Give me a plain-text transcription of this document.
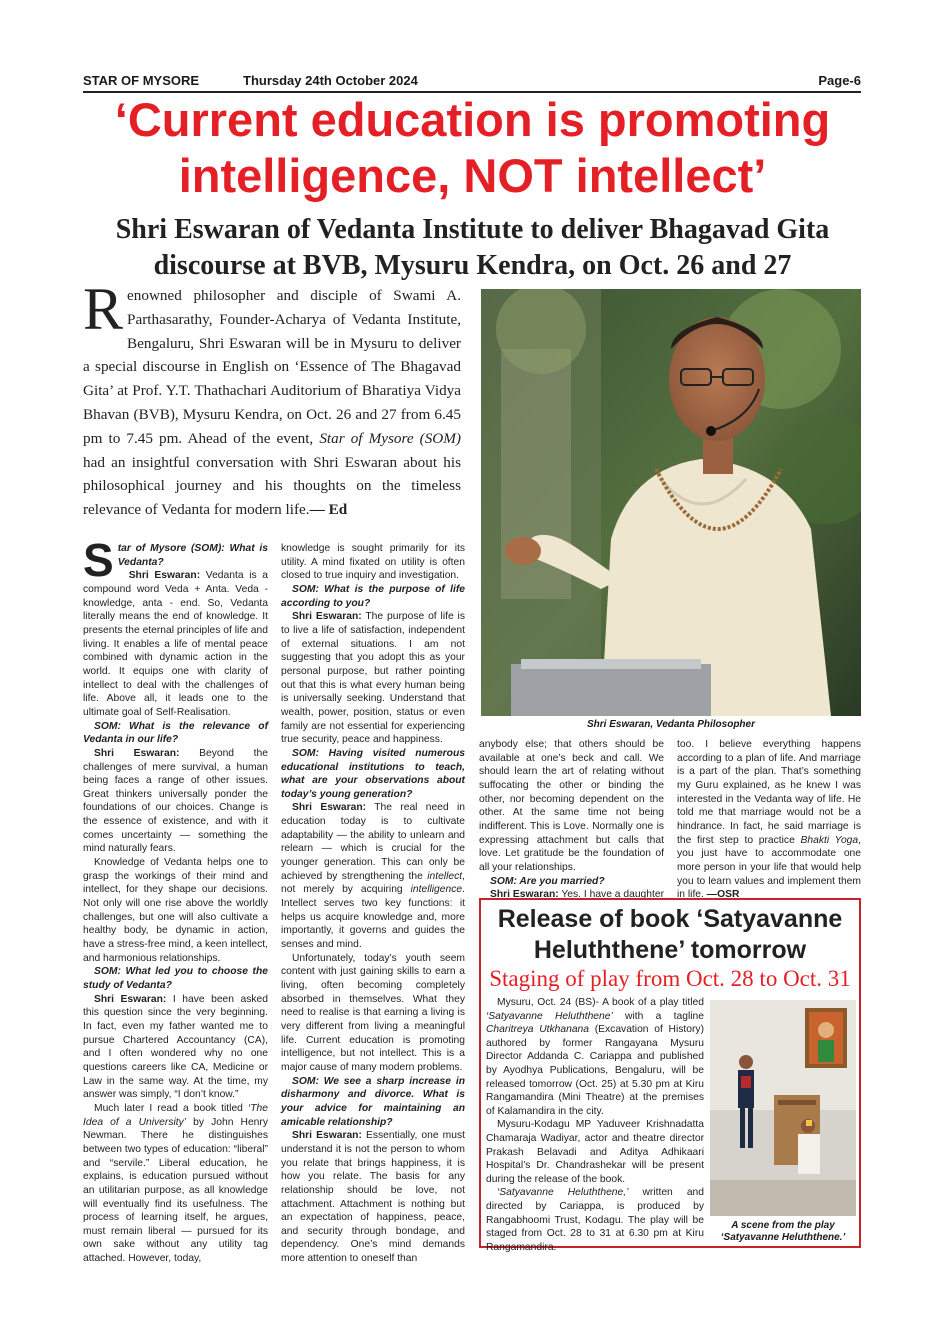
STAR OF MYSORE	Thursday 24th October 2024	Page-6
‘Current education is promoting intelligence, NOT intellect’
Shri Eswaran of Vedanta Institute to deliver Bhagavad Gita discourse at BVB, Mysuru Kendra, on Oct. 26 and 27

Renowned philosopher and disciple of Swami A. Parthasarathy, Founder-Acharya of Vedanta Institute, Bengaluru, Shri Eswaran will be in Mysuru to deliver a special discourse in English on ‘Essence of The Bhagavad Gita’ at Prof. Y.T. Thathachari Auditorium of Bharatiya Vidya Bhavan (BVB), Mysuru Kendra, on Oct. 26 and 27 from 6.45 pm to 7.45 pm. Ahead of the event, Star of Mysore (SOM) had an insightful conversation with Shri Eswaran about his philosophical journey and his thoughts on the timeless relevance of Vedanta for modern life.— Ed

Shri Eswaran, Vedanta Philosopher

Star of Mysore (SOM): What is Vedanta?

Shri Eswaran: Vedanta is a compound word Veda + Anta. Veda - knowledge, anta - end. So, Vedanta literally means the end of knowledge. It presents the eternal principles of life and living. It enables a life of mental peace combined with dynamic action in the world. It equips one with clarity of intellect to deal with the challenges of life. Above all, it leads one to the ultimate goal of Self-Realisation.

SOM: What is the relevance of Vedanta in our life?

Shri Eswaran: Beyond the challenges of mere survival, a human being faces a range of other issues. Great thinkers universally ponder the foundations of our choices. Change is the essence of existence, and with it comes uncertainty — something the mind naturally fears.

Knowledge of Vedanta helps one to grasp the workings of their mind and intellect, for they shape our decisions. Not only will one rise above the worldly challenges, but one will also cultivate a healthy body, be dynamic in action, have a stress-free mind, a keen intellect, and harmonious relationships.

SOM: What led you to choose the study of Vedanta?

Shri Eswaran: I have been asked this question since the very beginning. In fact, even my father wanted me to pursue Chartered Accountancy (CA), and I often wondered why no one questions careers like CA, Medicine or Law in the same way. At the time, my answer was simply, “I don’t know.”

Much later I read a book titled ‘The Idea of a University’ by John Henry Newman. There he distinguishes between two types of education: “liberal” and “servile.” Liberal education, he explains, is education pursued without an utilitarian purpose, as all knowledge will eventually find its usefulness. The process of learning itself, he argues, must remain liberal — pursued for its own sake without any utility tag attached. However, today,

knowledge is sought primarily for its utility. A mind fixated on utility is often closed to true inquiry and investigation.

SOM: What is the purpose of life according to you?

Shri Eswaran: The purpose of life is to live a life of satisfaction, independent of external situations. I am not suggesting that you adopt this as your personal purpose, but rather pointing out that this is what every human being is universally seeking. Understand that wealth, power, position, status or even family are not essential for experiencing true security, peace and happiness.

SOM: Having visited numerous educational institutions to teach, what are your observations about today’s young generation?

Shri Eswaran: The real need in education today is to cultivate adaptability — the ability to unlearn and relearn — which is crucial for the younger generation. This can only be achieved by strengthening the intellect, not merely by acquiring intelligence. Intellect serves two key functions: it helps us acquire knowledge and, more importantly, it governs and guides the senses and mind.

Unfortunately, today’s youth seem content with just gaining skills to earn a living, often becoming completely absorbed in themselves. What they need to realise is that earning a living is very different from living a meaningful life. Current education is promoting intelligence, but not intellect. This is a major cause of many modern problems.

SOM: We see a sharp increase in disharmony and divorce. What is your advice for maintaining an amicable relationship?

Shri Eswaran: Essentially, one must understand it is not the person to whom you relate that brings happiness, it is how you relate. The basis for any relationship should be love, not attachment. Attachment is nothing but an expectation of happiness, peace, and security through bondage, and dependency. One’s mind demands more attention to oneself than

anybody else; that others should be available at one’s beck and call. We should learn the art of relating without suffocating the other or binding the other, nor becoming dependent on the other. At the same time not being indifferent. This is Love. Normally one is expressing attachment but calls that love. Let gratitude be the foundation of all your relationships.

SOM: Are you married?

Shri Eswaran: Yes. I have a daughter

too. I believe everything happens according to a plan of life. And marriage is a part of the plan. That’s something my Guru explained, as he knew I was interested in the Vedanta way of life. He told me that marriage would not be a hindrance. In fact, he said marriage is the first step to practice Bhakti Yoga, you just have to accommodate one more person in your life that would help you to learn values and implement them in life. —OSR

Release of book ‘Satyavanne Heluththene’ tomorrow
Staging of play from Oct. 28 to Oct. 31

Mysuru, Oct. 24 (BS)- A book of a play titled ‘Satyavanne Heluththene’ with a tagline Charitreya Utkhanana (Excavation of History) authored by former Rangayana Mysuru Director Addanda C. Cariappa and published by Ayodhya Publications, Bengaluru, will be released tomorrow (Oct. 25) at 5.30 pm at Kiru Rangamandira (Mini Theatre) at the premises of Kalamandira in the city.

Mysuru-Kodagu MP Yaduveer Krishnadatta Chamaraja Wadiyar, actor and theatre director Prakash Belavadi and Aditya Adhikaari Hospital’s Dr. Chandrashekar will be present during the release of the book.

‘Satyavanne Heluththene,’ written and directed by Cariappa, is produced by Rangabhoomi Trust, Kodagu. The play will be staged from Oct. 28 to 31 at 6.30 pm at Kiru Rangamandira.

A scene from the play ‘Satyavanne Heluththene.’
